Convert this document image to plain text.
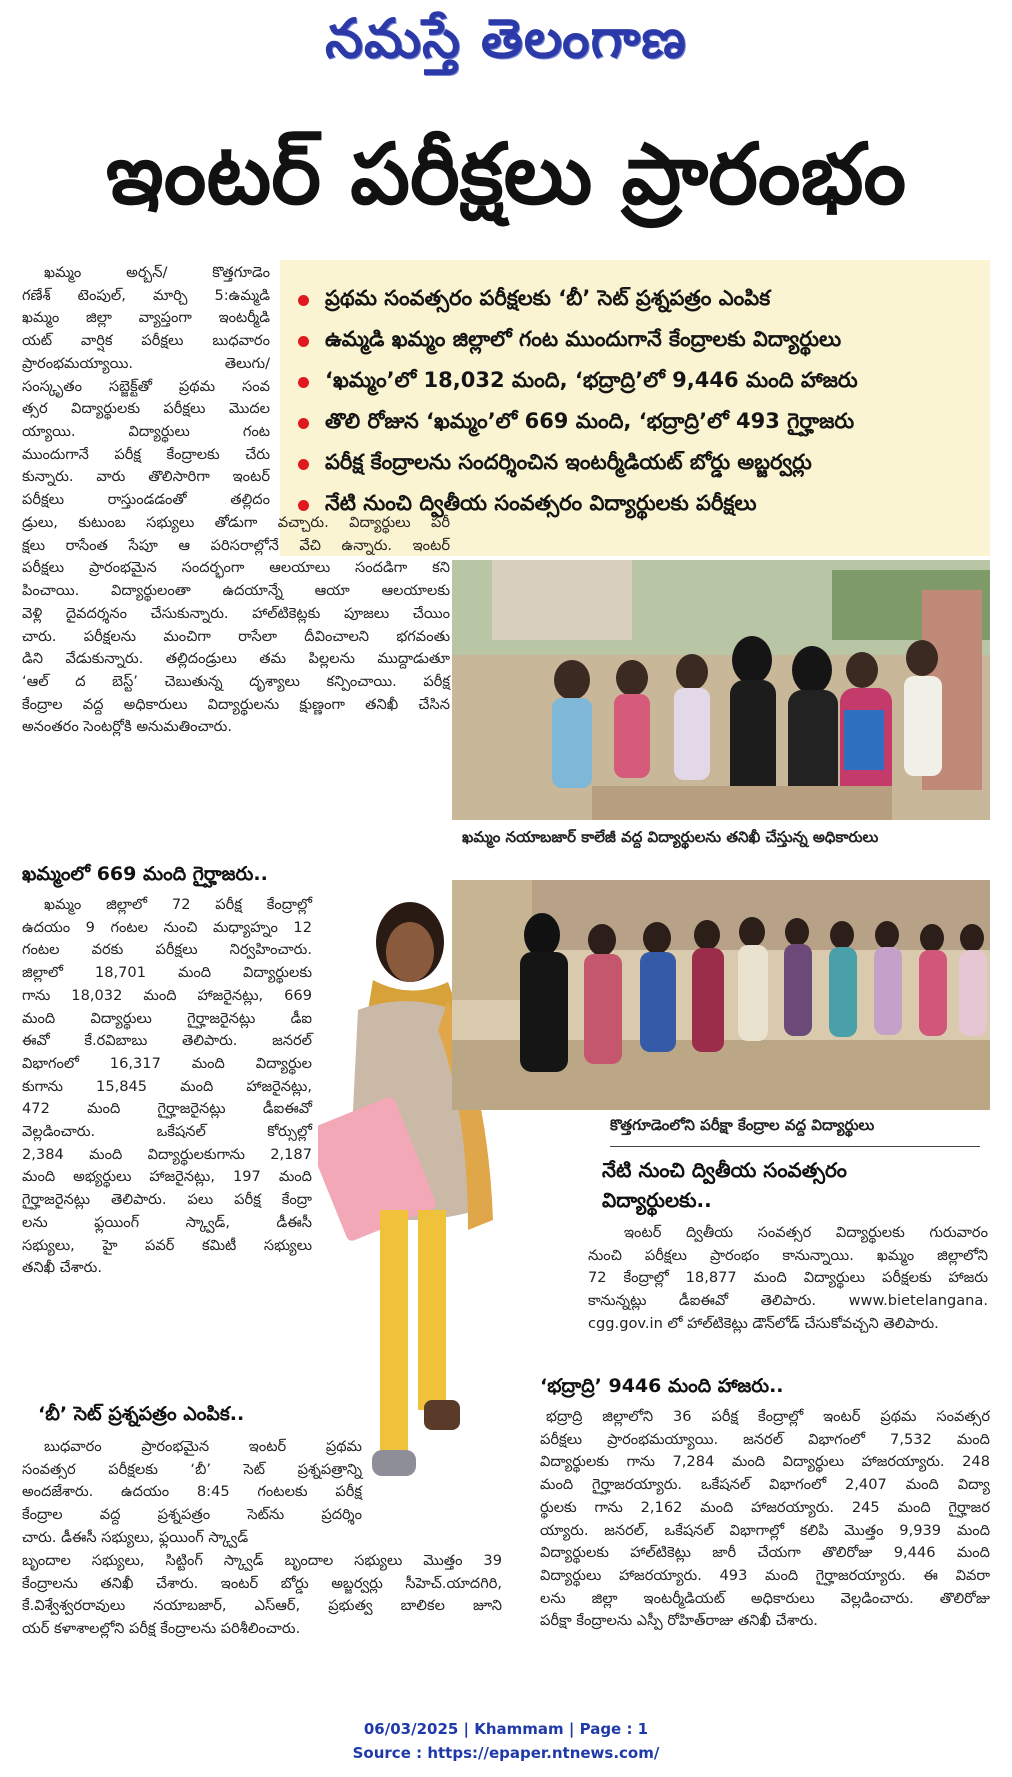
నమస్తే తెలంగాణ
ఇంటర్ పరీక్షలు ప్రారంభం
ప్రథమ సంవత్సరం పరీక్షలకు ‘బీ’ సెట్ ప్రశ్నపత్రం ఎంపిక
ఉమ్మడి ఖమ్మం జిల్లాలో గంట ముందుగానే కేంద్రాలకు విద్యార్థులు
‘ఖమ్మం’లో 18,032 మంది, ‘భద్రాద్రి’లో 9,446 మంది హాజరు
తొలి రోజున ‘ఖమ్మం’లో 669 మంది, ‘భద్రాద్రి’లో 493 గైర్హాజరు
పరీక్ష కేంద్రాలను సందర్శించిన ఇంటర్మీడియట్ బోర్డు అబ్జర్వర్లు
నేటి నుంచి ద్వితీయ సంవత్సరం విద్యార్థులకు పరీక్షలు
ఖమ్మం అర్బన్/ కొత్తగూడెం
గణేశ్ టెంపుల్, మార్చి 5:ఉమ్మడి
ఖమ్మం జిల్లా వ్యాప్తంగా ఇంటర్మీడి
యట్ వార్షిక పరీక్షలు బుధవారం
ప్రారంభమయ్యాయి. తెలుగు/
సంస్కృతం సబ్జెక్ట్‌తో ప్రథమ సంవ
త్సర విద్యార్థులకు పరీక్షలు మొదల
య్యాయి. విద్యార్థులు గంట
ముందుగానే పరీక్ష కేంద్రాలకు చేరు
కున్నారు. వారు తొలిసారిగా ఇంటర్
పరీక్షలు రాస్తుండడంతో తల్లిదం
డ్రులు, కుటుంబ సభ్యులు తోడుగా వచ్చారు. విద్యార్థులు పరీ
క్షలు రాసేంత సేపూ ఆ పరిసరాల్లోనే వేచి ఉన్నారు. ఇంటర్
పరీక్షలు ప్రారంభమైన సందర్భంగా ఆలయాలు సందడిగా కని
పించాయి. విద్యార్థులంతా ఉదయాన్నే ఆయా ఆలయాలకు
వెళ్లి దైవదర్శనం చేసుకున్నారు. హాల్‌టికెట్లకు పూజలు చేయిం
చారు. పరీక్షలను మంచిగా రాసేలా దీవించాలని భగవంతు
డిని వేడుకున్నారు. తల్లిదండ్రులు తమ పిల్లలను ముద్దాడుతూ
‘ఆల్ ద బెస్ట్’ చెబుతున్న దృశ్యాలు కన్పించాయి. పరీక్ష
కేంద్రాల వద్ద అధికారులు విద్యార్థులను క్షుణ్ణంగా తనిఖీ చేసిన
అనంతరం సెంటర్లోకి అనుమతించారు.
ఖమ్మం నయాబజార్ కాలేజీ వద్ద విద్యార్థులను తనిఖీ చేస్తున్న అధికారులు
ఖమ్మంలో 669 మంది గైర్హాజరు..
ఖమ్మం జిల్లాలో 72 పరీక్ష కేంద్రాల్లో
ఉదయం 9 గంటల నుంచి మధ్యాహ్నం 12
గంటల వరకు పరీక్షలు నిర్వహించారు.
జిల్లాలో 18,701 మంది విద్యార్థులకు
గాను 18,032 మంది హాజరైనట్లు, 669
మంది విద్యార్థులు గైర్హాజరైనట్లు డీఐ
ఈవో కే.రవిబాబు తెలిపారు. జనరల్
విభాగంలో 16,317 మంది విద్యార్థుల
కుగాను 15,845 మంది హాజరైనట్లు,
472 మంది గైర్హాజరైనట్లు డీఐఈవో
వెల్లడించారు. ఒకేషనల్ కోర్సుల్లో
2,384 మంది విద్యార్థులకుగాను 2,187
మంది అభ్యర్థులు హాజరైనట్లు, 197 మంది
గైర్హాజరైనట్లు తెలిపారు. పలు పరీక్ష కేంద్రా
లను ఫ్లయింగ్ స్క్వాడ్, డీఈసీ
సభ్యులు, హై పవర్ కమిటీ సభ్యులు
తనిఖీ చేశారు.
కొత్తగూడెంలోని పరీక్షా కేంద్రాల వద్ద విద్యార్థులు
నేటి నుంచి ద్వితీయ సంవత్సరం
విద్యార్థులకు..
ఇంటర్ ద్వితీయ సంవత్సర విద్యార్థులకు గురువారం
నుంచి పరీక్షలు ప్రారంభం కానున్నాయి. ఖమ్మం జిల్లాలోని
72 కేంద్రాల్లో 18,877 మంది విద్యార్థులు పరీక్షలకు హాజరు
కానున్నట్లు డీఐఈవో తెలిపారు. www.bietelangana.
cgg.gov.in లో హాల్‌టికెట్లు డౌన్‌లోడ్ చేసుకోవచ్చని తెలిపారు.
‘భద్రాద్రి’ 9446 మంది హాజరు..
భద్రాద్రి జిల్లాలోని 36 పరీక్ష కేంద్రాల్లో ఇంటర్ ప్రథమ సంవత్సర
పరీక్షలు ప్రారంభమయ్యాయి. జనరల్ విభాగంలో 7,532 మంది
విద్యార్థులకు గాను 7,284 మంది విద్యార్థులు హాజరయ్యారు. 248
మంది గైర్హాజరయ్యారు. ఒకేషనల్ విభాగంలో 2,407 మంది విద్యా
ర్థులకు గాను 2,162 మంది హాజరయ్యారు. 245 మంది గైర్హాజర
య్యారు. జనరల్, ఒకేషనల్ విభాగాల్లో కలిపి మొత్తం 9,939 మంది
విద్యార్థులకు హాల్‌టికెట్లు జారీ చేయగా తొలిరోజు 9,446 మంది
విద్యార్థులు హాజరయ్యారు. 493 మంది గైర్హాజరయ్యారు. ఈ వివరా
లను జిల్లా ఇంటర్మీడియట్ అధికారులు వెల్లడించారు. తొలిరోజు
పరీక్షా కేంద్రాలను ఎస్పీ రోహిత్‌రాజు తనిఖీ చేశారు.
‘బీ’ సెట్ ప్రశ్నపత్రం ఎంపిక..
బుధవారం ప్రారంభమైన ఇంటర్ ప్రథమ
సంవత్సర పరీక్షలకు ‘బీ’ సెట్ ప్రశ్నపత్రాన్ని
అందజేశారు. ఉదయం 8:45 గంటలకు పరీక్ష
కేంద్రాల వద్ద ప్రశ్నపత్రం సెట్‌ను ప్రదర్శిం
చారు. డీఈసీ సభ్యులు, ఫ్లయింగ్ స్క్వాడ్
బృందాల సభ్యులు, సిట్టింగ్ స్క్వాడ్ బృందాల సభ్యులు మొత్తం 39
కేంద్రాలను తనిఖీ చేశారు. ఇంటర్ బోర్డు అబ్జర్వర్లు సీహెచ్.యాదగిరి,
కే.విశ్వేశ్వరరావులు నయాబజార్, ఎస్ఆర్, ప్రభుత్వ బాలికల జూని
యర్ కళాశాలల్లోని పరీక్ష కేంద్రాలను పరిశీలించారు.
06/03/2025 | Khammam | Page : 1
Source : https://epaper.ntnews.com/
